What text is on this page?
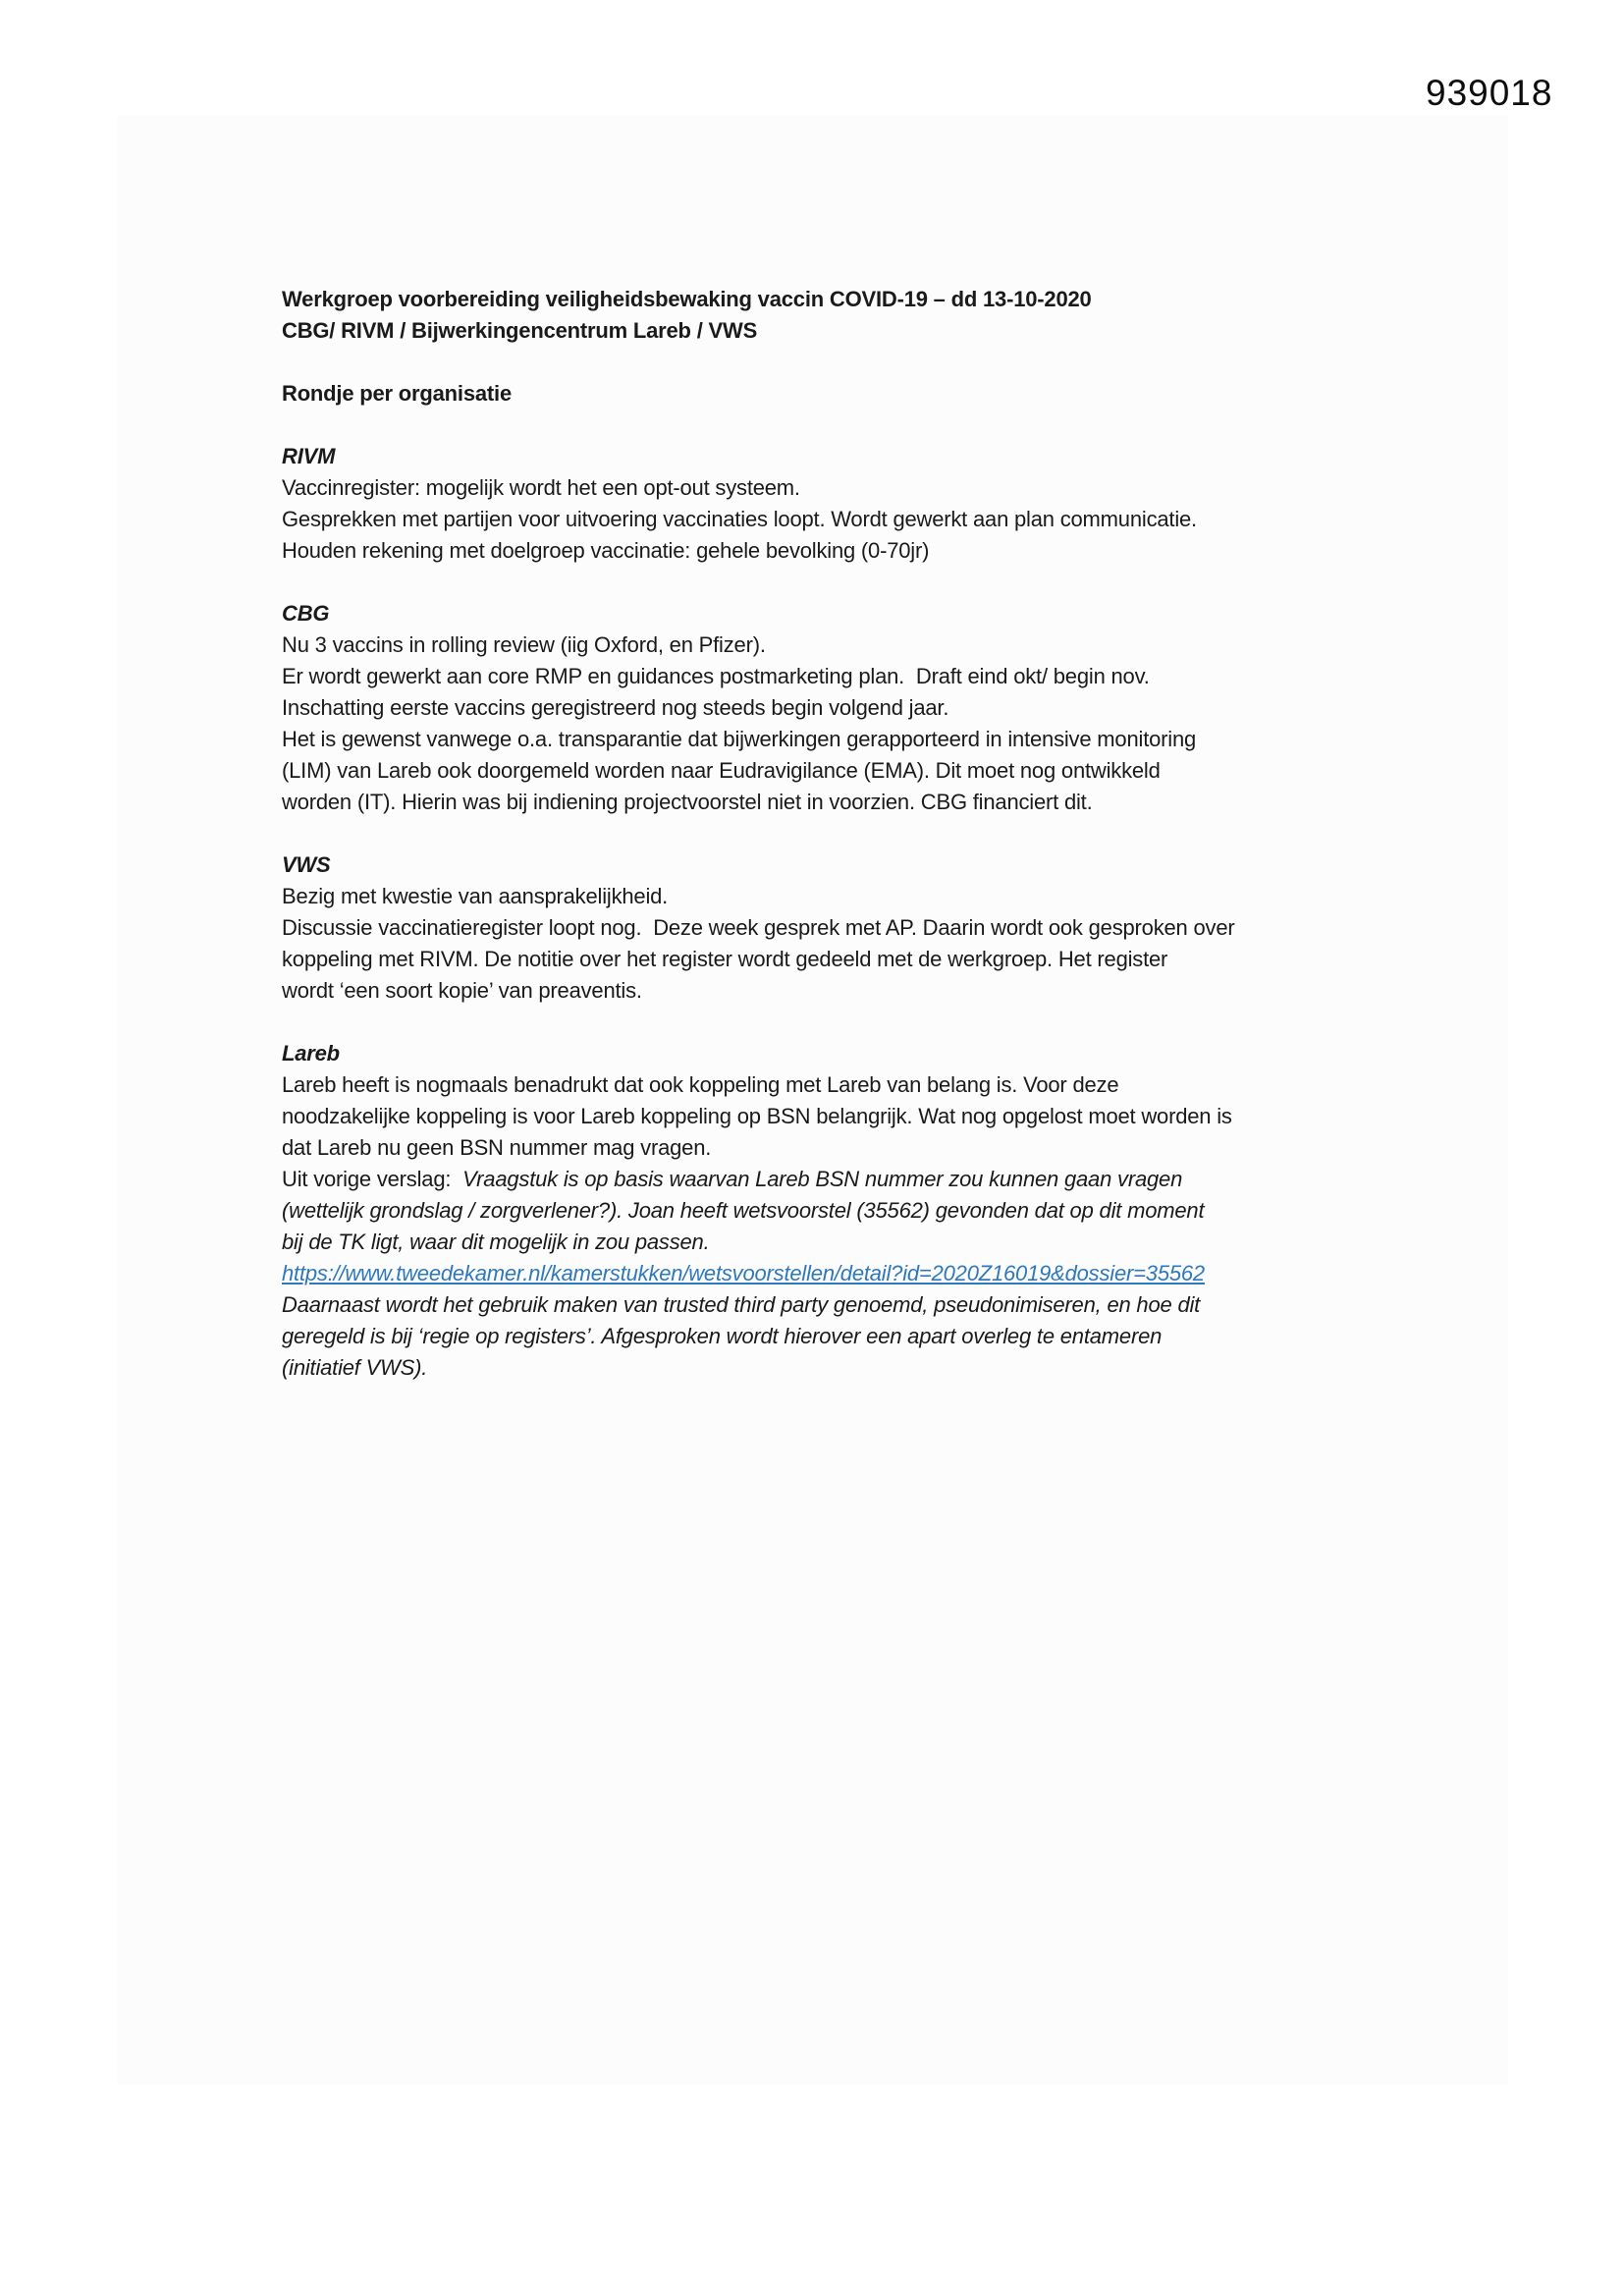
939018
Werkgroep voorbereiding veiligheidsbewaking vaccin COVID-19 – dd 13-10-2020
CBG/ RIVM / Bijwerkingencentrum Lareb / VWS
Rondje per organisatie
RIVM
Vaccinregister: mogelijk wordt het een opt-out systeem.
Gesprekken met partijen voor uitvoering vaccinaties loopt. Wordt gewerkt aan plan communicatie.
Houden rekening met doelgroep vaccinatie: gehele bevolking (0-70jr)
CBG
Nu 3 vaccins in rolling review (iig Oxford, en Pfizer).
Er wordt gewerkt aan core RMP en guidances postmarketing plan.  Draft eind okt/ begin nov.
Inschatting eerste vaccins geregistreerd nog steeds begin volgend jaar.
Het is gewenst vanwege o.a. transparantie dat bijwerkingen gerapporteerd in intensive monitoring
(LIM) van Lareb ook doorgemeld worden naar Eudravigilance (EMA). Dit moet nog ontwikkeld
worden (IT). Hierin was bij indiening projectvoorstel niet in voorzien. CBG financiert dit.
VWS
Bezig met kwestie van aansprakelijkheid.
Discussie vaccinatieregister loopt nog.  Deze week gesprek met AP. Daarin wordt ook gesproken over
koppeling met RIVM. De notitie over het register wordt gedeeld met de werkgroep. Het register
wordt ‘een soort kopie’ van preaventis.
Lareb
Lareb heeft is nogmaals benadrukt dat ook koppeling met Lareb van belang is. Voor deze
noodzakelijke koppeling is voor Lareb koppeling op BSN belangrijk. Wat nog opgelost moet worden is
dat Lareb nu geen BSN nummer mag vragen.
Uit vorige verslag:  Vraagstuk is op basis waarvan Lareb BSN nummer zou kunnen gaan vragen
(wettelijk grondslag / zorgverlener?). Joan heeft wetsvoorstel (35562) gevonden dat op dit moment
bij de TK ligt, waar dit mogelijk in zou passen.
https://www.tweedekamer.nl/kamerstukken/wetsvoorstellen/detail?id=2020Z16019&dossier=35562
Daarnaast wordt het gebruik maken van trusted third party genoemd, pseudonimiseren, en hoe dit
geregeld is bij ‘regie op registers’. Afgesproken wordt hierover een apart overleg te entameren
(initiatief VWS).
